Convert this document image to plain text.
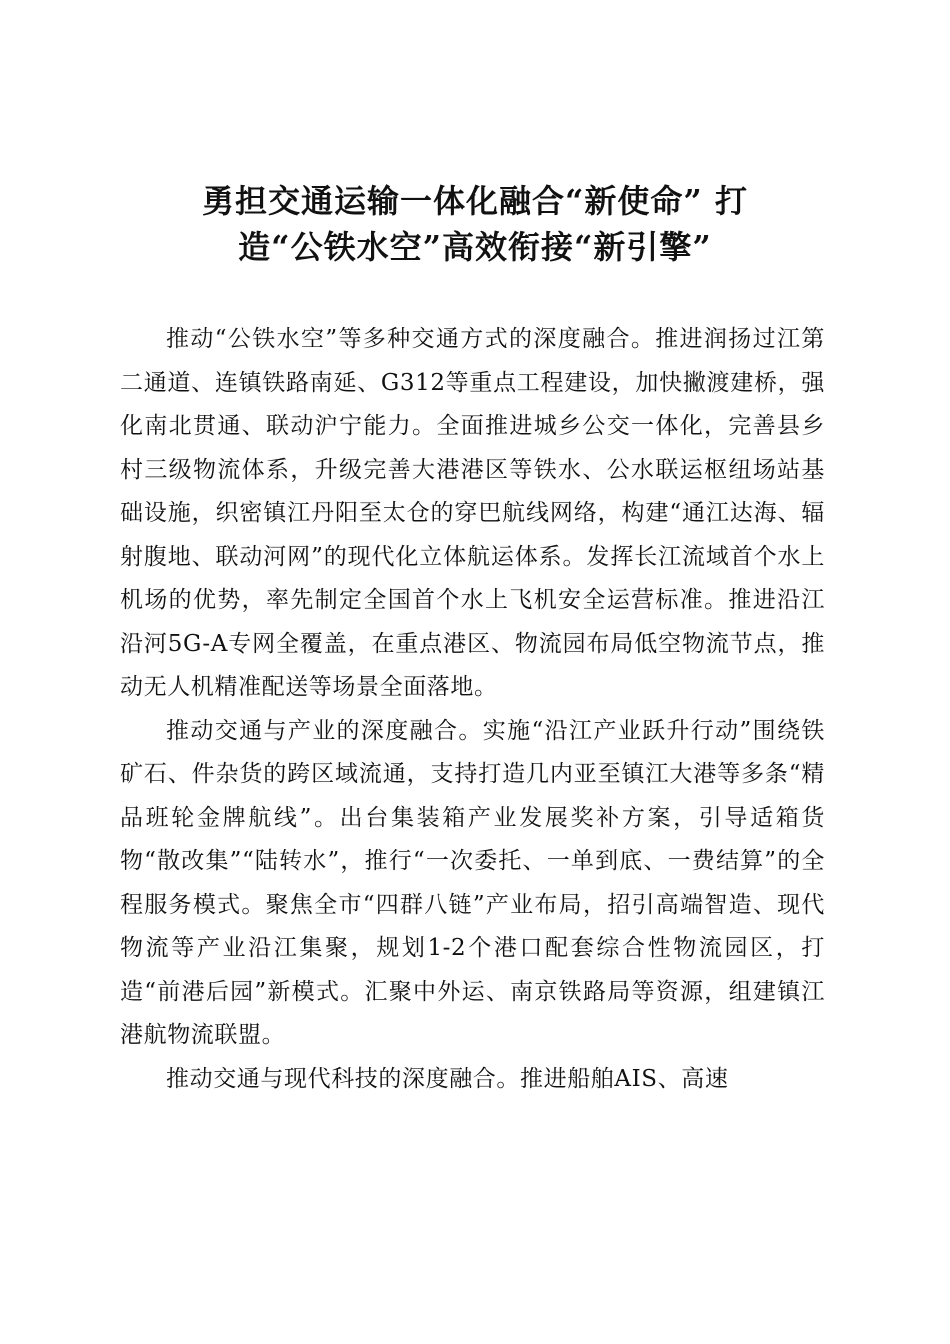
勇担交通运输一体化融合“新使命” 打
造“公铁水空”高效衔接“新引擎”

推动“公铁水空”等多种交通方式的深度融合。推进润扬过江第二通道、连镇铁路南延、G312等重点工程建设，加快撇渡建桥，强化南北贯通、联动沪宁能力。全面推进城乡公交一体化，完善县乡村三级物流体系，升级完善大港港区等铁水、公水联运枢纽场站基础设施，织密镇江丹阳至太仓的穿巴航线网络，构建“通江达海、辐射腹地、联动河网”的现代化立体航运体系。发挥长江流域首个水上机场的优势，率先制定全国首个水上飞机安全运营标准。推进沿江沿河5G-A专网全覆盖，在重点港区、物流园布局低空物流节点，推动无人机精准配送等场景全面落地。

推动交通与产业的深度融合。实施“沿江产业跃升行动”围绕铁矿石、件杂货的跨区域流通，支持打造几内亚至镇江大港等多条“精品班轮金牌航线”。出台集装箱产业发展奖补方案，引导适箱货物“散改集”“陆转水”，推行“一次委托、一单到底、一费结算”的全程服务模式。聚焦全市“四群八链”产业布局，招引高端智造、现代物流等产业沿江集聚，规划1-2个港口配套综合性物流园区，打造“前港后园”新模式。汇聚中外运、南京铁路局等资源，组建镇江港航物流联盟。

推动交通与现代科技的深度融合。推进船舶AIS、高速
